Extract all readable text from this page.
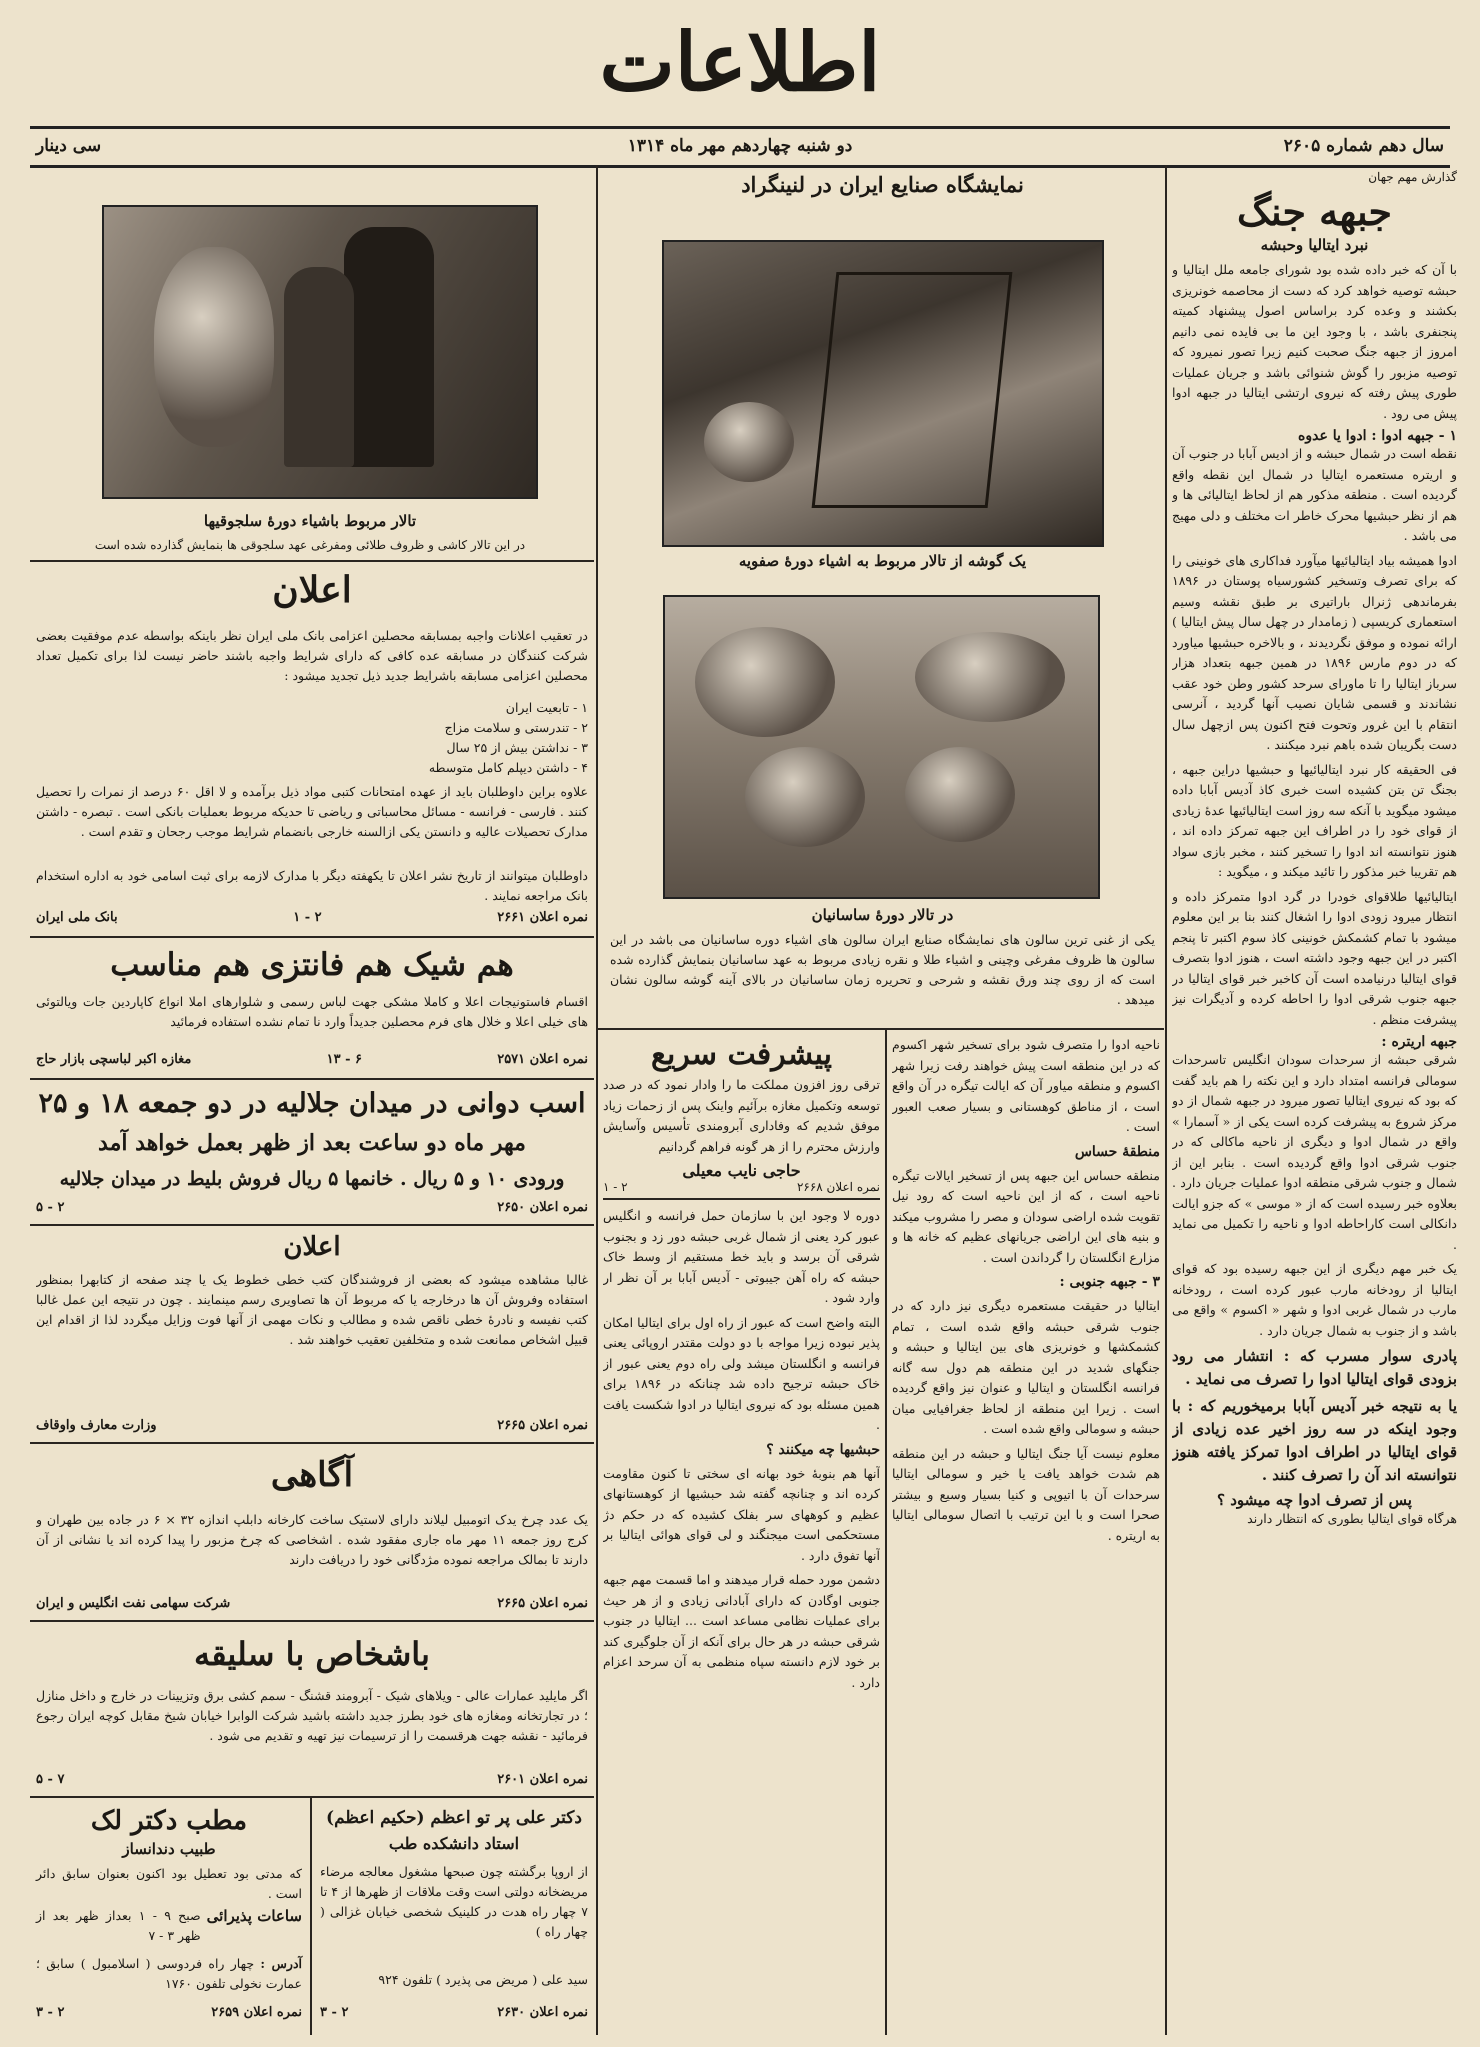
اطلاعات
سال دهم شماره ۲۶۰۵
دو شنبه چهاردهم مهر ماه ۱۳۱۴
سی دینار
گذارش مهم جهان
جبهه جنگ
نبرد ایتالیا وحبشه

با آن که خبر داده شده بود شورای جامعه ملل ایتالیا و حبشه توصیه خواهد کرد که دست از محاصمه خونریزی بکشند و وعده کرد براساس اصول پیشنهاد کمیته پنجنفری باشد ، با وجود این ما بی فایده نمی دانیم امروز از جبهه جنگ صحبت کنیم زیرا تصور نمیرود که توصیه مزبور را گوش شنوائی باشد و جریان عملیات طوری پیش رفته که نیروی ارتشی ایتالیا در جبهه ادوا پیش می رود .

۱ - جبهه ادوا : ادوا یا عدوه

نقطه است در شمال حبشه و از ادیس آبابا در جنوب آن و اریتره مستعمره ایتالیا در شمال این نقطه واقع گردیده است . منطقه مذکور هم از لحاظ ایتالیائی ها و هم از نظر حبشیها محرک خاطر ات مختلف و دلی مهیج می باشد .

ادوا همیشه بیاد ایتالیائیها میآورد فداکاری های خونینی را که برای تصرف وتسخیر کشورسیاه پوستان در ۱۸۹۶ بفرماندهی ژنرال باراتیری بر طبق نقشه وسیم استعماری کریسپی ( زمامدار در چهل سال پیش ایتالیا ) ارائه نموده و موفق نگردیدند ، و بالاخره حبشیها میاورد که در دوم مارس ۱۸۹۶ در همین جبهه بتعداد هزار سرباز ایتالیا را تا ماورای سرحد کشور وطن خود عقب نشاندند و قسمی شایان نصیب آنها گردید ، آنرسی انتقام با این غرور وتحوت فتح اکنون پس ازچهل سال دست بگریبان شده باهم نبرد میکنند .

فی الحقیقه کار نبرد ایتالیائیها و حبشیها دراین جبهه ، بجنگ تن بتن کشیده است خبری کاذ آدیس آبابا داده میشود میگوید با آنکه سه روز است ایتالیائیها عدهٔ زیادی از قوای خود را در اطراف این جبهه تمرکز داده اند ، هنوز نتوانسته اند ادوا را تسخیر کنند ، مخبر بازی سواد هم تقریبا خبر مذکور را تائید میکند و ، میگوید :

ایتالیائیها طلاقوای خودرا در گرد ادوا متمرکز داده و انتظار میرود زودی ادوا را اشغال کنند بنا بر این معلوم میشود با تمام کشمکش خونینی کاذ سوم اکتبر تا پنجم اکتبر در این جبهه وجود داشته است ، هنوز ادوا بتصرف قوای ایتالیا درنیامده است آن کاخبر خبر قوای ایتالیا در جبهه جنوب شرقی ادوا را احاطه کرده و آدیگرات نیز پیشرفت منظم .

جبهه اریتره :

شرقی حبشه از سرحدات سودان انگلیس تاسرحدات سومالی فرانسه امتداد دارد و این نکته را هم باید گفت که بود که نیروی ایتالیا تصور میرود در جبهه شمال از دو مرکز شروع به پیشرفت کرده است یکی از « آسمارا » واقع در شمال ادوا و دیگری از ناحیه ماکالی که در جنوب شرقی ادوا واقع گردیده است . بنابر این از شمال و جنوب شرقی منطقه ادوا عملیات جریان دارد . بعلاوه خبر رسیده است که از « موسی » که جزو ایالت دانکالی است کاراحاطه ادوا و ناحیه را تکمیل می نماید .

یک خبر مهم دیگری از این جبهه رسیده بود که قوای ایتالیا از رودخانه مارب عبور کرده است ، رودخانه مارب در شمال غربی ادوا و شهر « اکسوم » واقع می باشد و از جنوب به شمال جریان دارد .

پادری سوار مسرب که : انتشار می رود بزودی قوای ایتالیا ادوا را تصرف می نماید .

یا به نتیجه خبر آدیس آبابا برمیخوریم که : با وجود اینکه در سه روز اخیر عده زیادی از قوای ایتالیا در اطراف ادوا تمرکز یافته هنوز نتوانسته اند آن را تصرف کنند .

پس از تصرف ادوا چه میشود ؟

هرگاه قوای ایتالیا بطوری که انتظار دارند

نمایشگاه صنایع ایران در لنینگراد
یک گوشه از تالار مربوط به اشیاء دورهٔ صفویه
در تالار دورهٔ ساسانیان
یکی از غنی ترین سالون های نمایشگاه صنایع ایران سالون های اشیاء دوره ساسانیان می باشد در این سالون ها ظروف مفرغی وچینی و اشیاء طلا و نقره زیادی مربوط به عهد ساسانیان بنمایش گذارده شده است که از روی چند ورق نقشه و شرحی و تحریره زمان ساسانیان در بالای آینه گوشه سالون نشان میدهد .

ناحیه ادوا را متصرف شود برای تسخیر شهر اکسوم که در این منطقه است پیش خواهند رفت زیرا شهر اکسوم و منطقه میاور آن که ایالت تیگره در آن واقع است ، از مناطق کوهستانی و بسیار صعب العبور است .

منطقهٔ حساس

منطقه حساس این جبهه پس از تسخیر ایالات تیگره ناحیه است ، که از این ناحیه است که رود نیل تقویت شده اراضی سودان و مصر را مشروب میکند و بنیه های این اراضی جریانهای عظیم که خانه ها و مزارع انگلستان را گرداندن است .

۳ - جبهه جنوبی :

ایتالیا در حقیقت مستعمره دیگری نیز دارد که در جنوب شرقی حبشه واقع شده است ، تمام کشمکشها و خونریزی های بین ایتالیا و حبشه و جنگهای شدید در این منطقه هم دول سه گانه فرانسه انگلستان و ایتالیا و عنوان نیز واقع گردیده است . زیرا این منطقه از لحاظ جغرافیایی میان حبشه و سومالی واقع شده است .

معلوم نیست آیا جنگ ایتالیا و حبشه در این منطقه هم شدت خواهد یافت یا خیر و سومالی ایتالیا سرحدات آن با اتیوپی و کنیا بسیار وسیع و بیشتر صحرا است و با این ترتیب با اتصال سومالی ایتالیا به اریتره .

پیشرفت سریع

ترقی روز افزون مملکت ما را وادار نمود که در صدد توسعه وتکمیل مغازه برآئیم واینک پس از زحمات زیاد موفق شدیم که وفاداری آبرومندی تأسیس وآسایش وارزش محترم را از هر گونه فراهم گردانیم

حاجی نایب معیلی
نمره اعلان ۲۶۶۸
۲ - ۱

دوره لا وجود این با سازمان حمل فرانسه و انگلیس عبور کرد یعنی از شمال غربی حبشه دور زد و بجنوب شرقی آن برسد و باید خط مستقیم از وسط خاک حبشه که راه آهن جیبوتی - آدیس آبابا بر آن نظر ار وارد شود .

البته واضح است که عبور از راه اول برای ایتالیا امکان پذیر نبوده زیرا مواجه با دو دولت مقتدر اروپائی یعنی فرانسه و انگلستان میشد ولی راه دوم یعنی عبور از خاک حبشه ترجیح داده شد چنانکه در ۱۸۹۶ برای همین مسئله بود که نیروی ایتالیا در ادوا شکست یافت .

حبشیها چه میکنند ؟

آنها هم بنوبهٔ خود بهانه ای سختی تا کنون مقاومت کرده اند و چنانچه گفته شد حبشیها از کوهستانهای عظیم و کوههای سر بفلک کشیده که در حکم دژ مستحکمی است میجنگند و لی قوای هوائی ایتالیا بر آنها تفوق دارد .

دشمن مورد حمله قرار میدهند و اما قسمت مهم جبهه جنوبی اوگادن که دارای آبادانی زیادی و از هر حیث برای عملیات نظامی مساعد است ... ایتالیا در جنوب شرقی حبشه در هر حال برای آنکه از آن جلوگیری کند بر خود لازم دانسته سپاه منظمی به آن سرحد اعزام دارد .

تالار مربوط باشیاء دورهٔ سلجوقیها
در این تالار کاشی و ظروف طلائی ومفرغی عهد سلجوقی ها بنمایش گذارده شده است
اعلان
در تعقیب اعلانات واجبه بمسابقه محصلین اعزامی بانک ملی ایران نظر باینکه بواسطه عدم موفقیت بعضی شرکت کنندگان در مسابقه عده کافی که دارای شرایط واجبه باشند حاضر نیست لذا برای تکمیل تعداد محصلین اعزامی مسابقه باشرایط جدید ذیل تجدید میشود :
۱ - تابعیت ایران
۲ - تندرستی و سلامت مزاج
۳ - نداشتن بیش از ۲۵ سال
۴ - داشتن دیپلم کامل متوسطه
علاوه براین داوطلبان باید از عهده امتحانات کتبی مواد ذیل برآمده و لا اقل ۶۰ درصد از نمرات را تحصیل کنند . فارسی - فرانسه - مسائل محاسباتی و ریاضی تا حدیکه مربوط بعملیات بانکی است . تبصره - داشتن مدارک تحصیلات عالیه و دانستن یکی ازالسنه خارجی بانضمام شرایط موجب رجحان و تقدم است .
داوطلبان میتوانند از تاریخ نشر اعلان تا یکهفته دیگر با مدارک لازمه برای ثبت اسامی خود به اداره استخدام بانک مراجعه نمایند .
نمره اعلان ۲۶۶۱
۲ - ۱
بانک ملی ایران
هم شیک هم فانتزی هم مناسب
اقسام فاستونیجات اعلا و کاملا مشکی جهت لباس رسمی و شلوارهای املا انواع کاپاردین جات ویالتوئی های خیلی اعلا و خلال های فرم محصلین جدیداً وارد نا تمام نشده استفاده فرمائید
نمره اعلان ۲۵۷۱
۶ - ۱۳
مغازه اکبر لباسچی بازار حاج
اسب دوانی در میدان جلالیه در دو جمعه ۱۸ و ۲۵
مهر ماه دو ساعت بعد از ظهر بعمل خواهد آمد
ورودی ۱۰ و ۵ ریال . خانمها ۵ ریال فروش بلیط در میدان جلالیه
نمره اعلان ۲۶۵۰
۲ - ۵
اعلان
غالبا مشاهده میشود که بعضی از فروشندگان کتب خطی خطوط یک یا چند صفحه از کتابهرا بمنظور استفاده وفروش آن ها درخارجه یا که مربوط آن ها تصاویری رسم مینمایند . چون در نتیجه این عمل غالبا کتب نفیسه و نادرهٔ خطی ناقص شده و مطالب و نکات مهمی از آنها فوت وزایل میگردد لذا از اقدام این قبیل اشخاص ممانعت شده و متخلفین تعقیب خواهند شد .
نمره اعلان ۲۶۶۵
وزارت معارف واوقاف
آگاهی
یک عدد چرخ یدک اتومبیل لیلاند دارای لاستیک ساخت کارخانه دابلپ اندازه ۳۲ × ۶ در جاده بین طهران و کرج روز جمعه ۱۱ مهر ماه جاری مفقود شده . اشخاصی که چرخ مزبور را پیدا کرده اند یا نشانی از آن دارند تا بمالک مراجعه نموده مژدگانی خود را دریافت دارند
نمره اعلان ۲۶۶۵
شرکت سهامی نفت انگلیس و ایران
باشخاص با سلیقه
اگر مایلید عمارات عالی - ویلاهای شیک - آبرومند قشنگ - سمم کشی برق وتزیینات در خارج و داخل منازل ؛ در تجارتخانه ومغازه های خود بطرز جدید داشته باشید شرکت الوابرا خیابان شیخ مقابل کوچه ایران رجوع فرمائید - نقشه جهت هرقسمت را از ترسیمات نیز تهیه و تقدیم می شود .
نمره اعلان ۲۶۰۱
۷ - ۵
دکتر علی پر تو اعظم (حکیم اعظم)
استاد دانشکده طب
از اروپا برگشته چون صبحها مشغول معالجه مرضاء مریضخانه دولتی است وقت ملاقات از ظهرها از ۴ تا ۷ چهار راه هدت در کلینیک شخصی خیابان غزالی ( چهار راه )
سید علی ( مریض می پذیرد ) تلفون ۹۲۴
نمره اعلان ۲۶۳۰
۲ - ۳
مطب دکتر لک
طبیب دندانساز
که مدتی بود تعطیل بود اکنون بعنوان سابق دائر است .
ساعات پذیرائی
صبح ۹ - ۱ بعداز ظهر بعد از ظهر ۳ - ۷
آدرس : چهار راه فردوسی ( اسلامبول ) سابق ؛ عمارت نخولی تلفون ۱۷۶۰
نمره اعلان ۲۶۵۹
۲ - ۳
